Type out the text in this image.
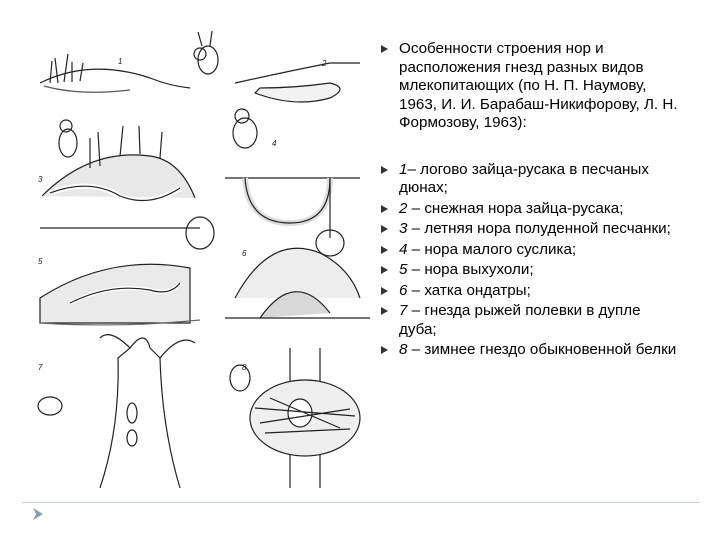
1	2
3
4
5
6
7	8
Особенности строения нор и расположения гнезд разных видов млекопитающих (по Н. П. Наумову, 1963, И. И. Барабаш-Никифорову, Л. Н. Формозову, 1963):
1– логово зайца-русака в песчаных дюнах;
2 – снежная нора зайца-русака;
3 – летняя нора полуденной песчанки;
4 – нора малого суслика;
5 – нора выхухоли;
6 – хатка ондатры;
7 – гнезда рыжей полевки в дупле дуба;
8 – зимнее гнездо обыкновенной белки
